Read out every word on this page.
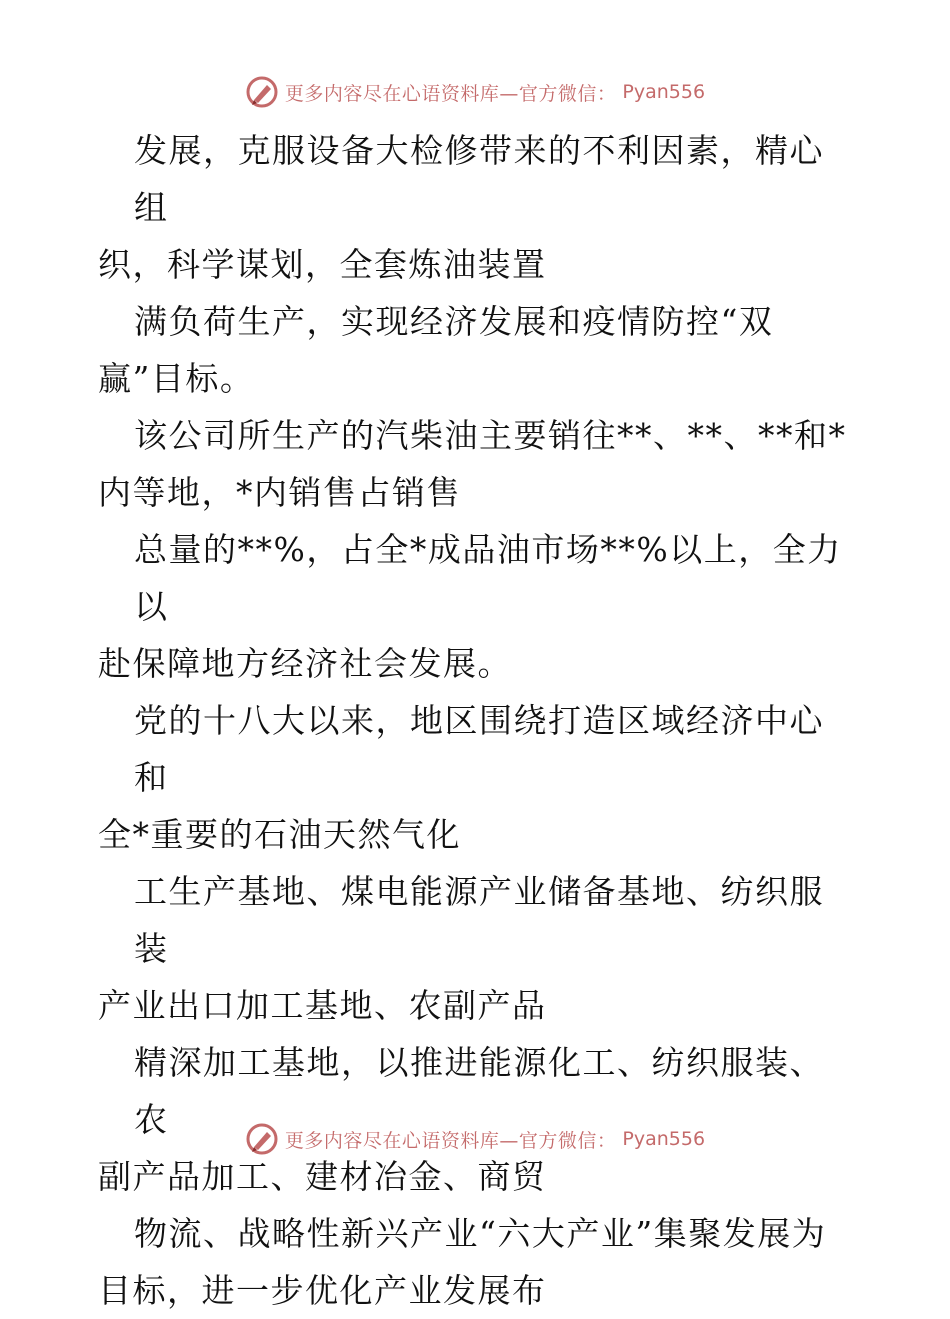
更多内容尽在心语资料库—官方微信： Pyan556

发展，克服设备大检修带来的不利因素，精心组
织，科学谋划，全套炼油装置

满负荷生产，实现经济发展和疫情防控“双
赢”目标。

该公司所生产的汽柴油主要销往**、**、**和*
内等地，*内销售占销售

总量的**%，占全*成品油市场**%以上，全力以
赴保障地方经济社会发展。

党的十八大以来，地区围绕打造区域经济中心和
全*重要的石油天然气化

工生产基地、煤电能源产业储备基地、纺织服装
产业出口加工基地、农副产品

精深加工基地，以推进能源化工、纺织服装、农
副产品加工、建材冶金、商贸

物流、战略性新兴产业“六大产业”集聚发展为
目标，进一步优化产业发展布

更多内容尽在心语资料库—官方微信： Pyan556
